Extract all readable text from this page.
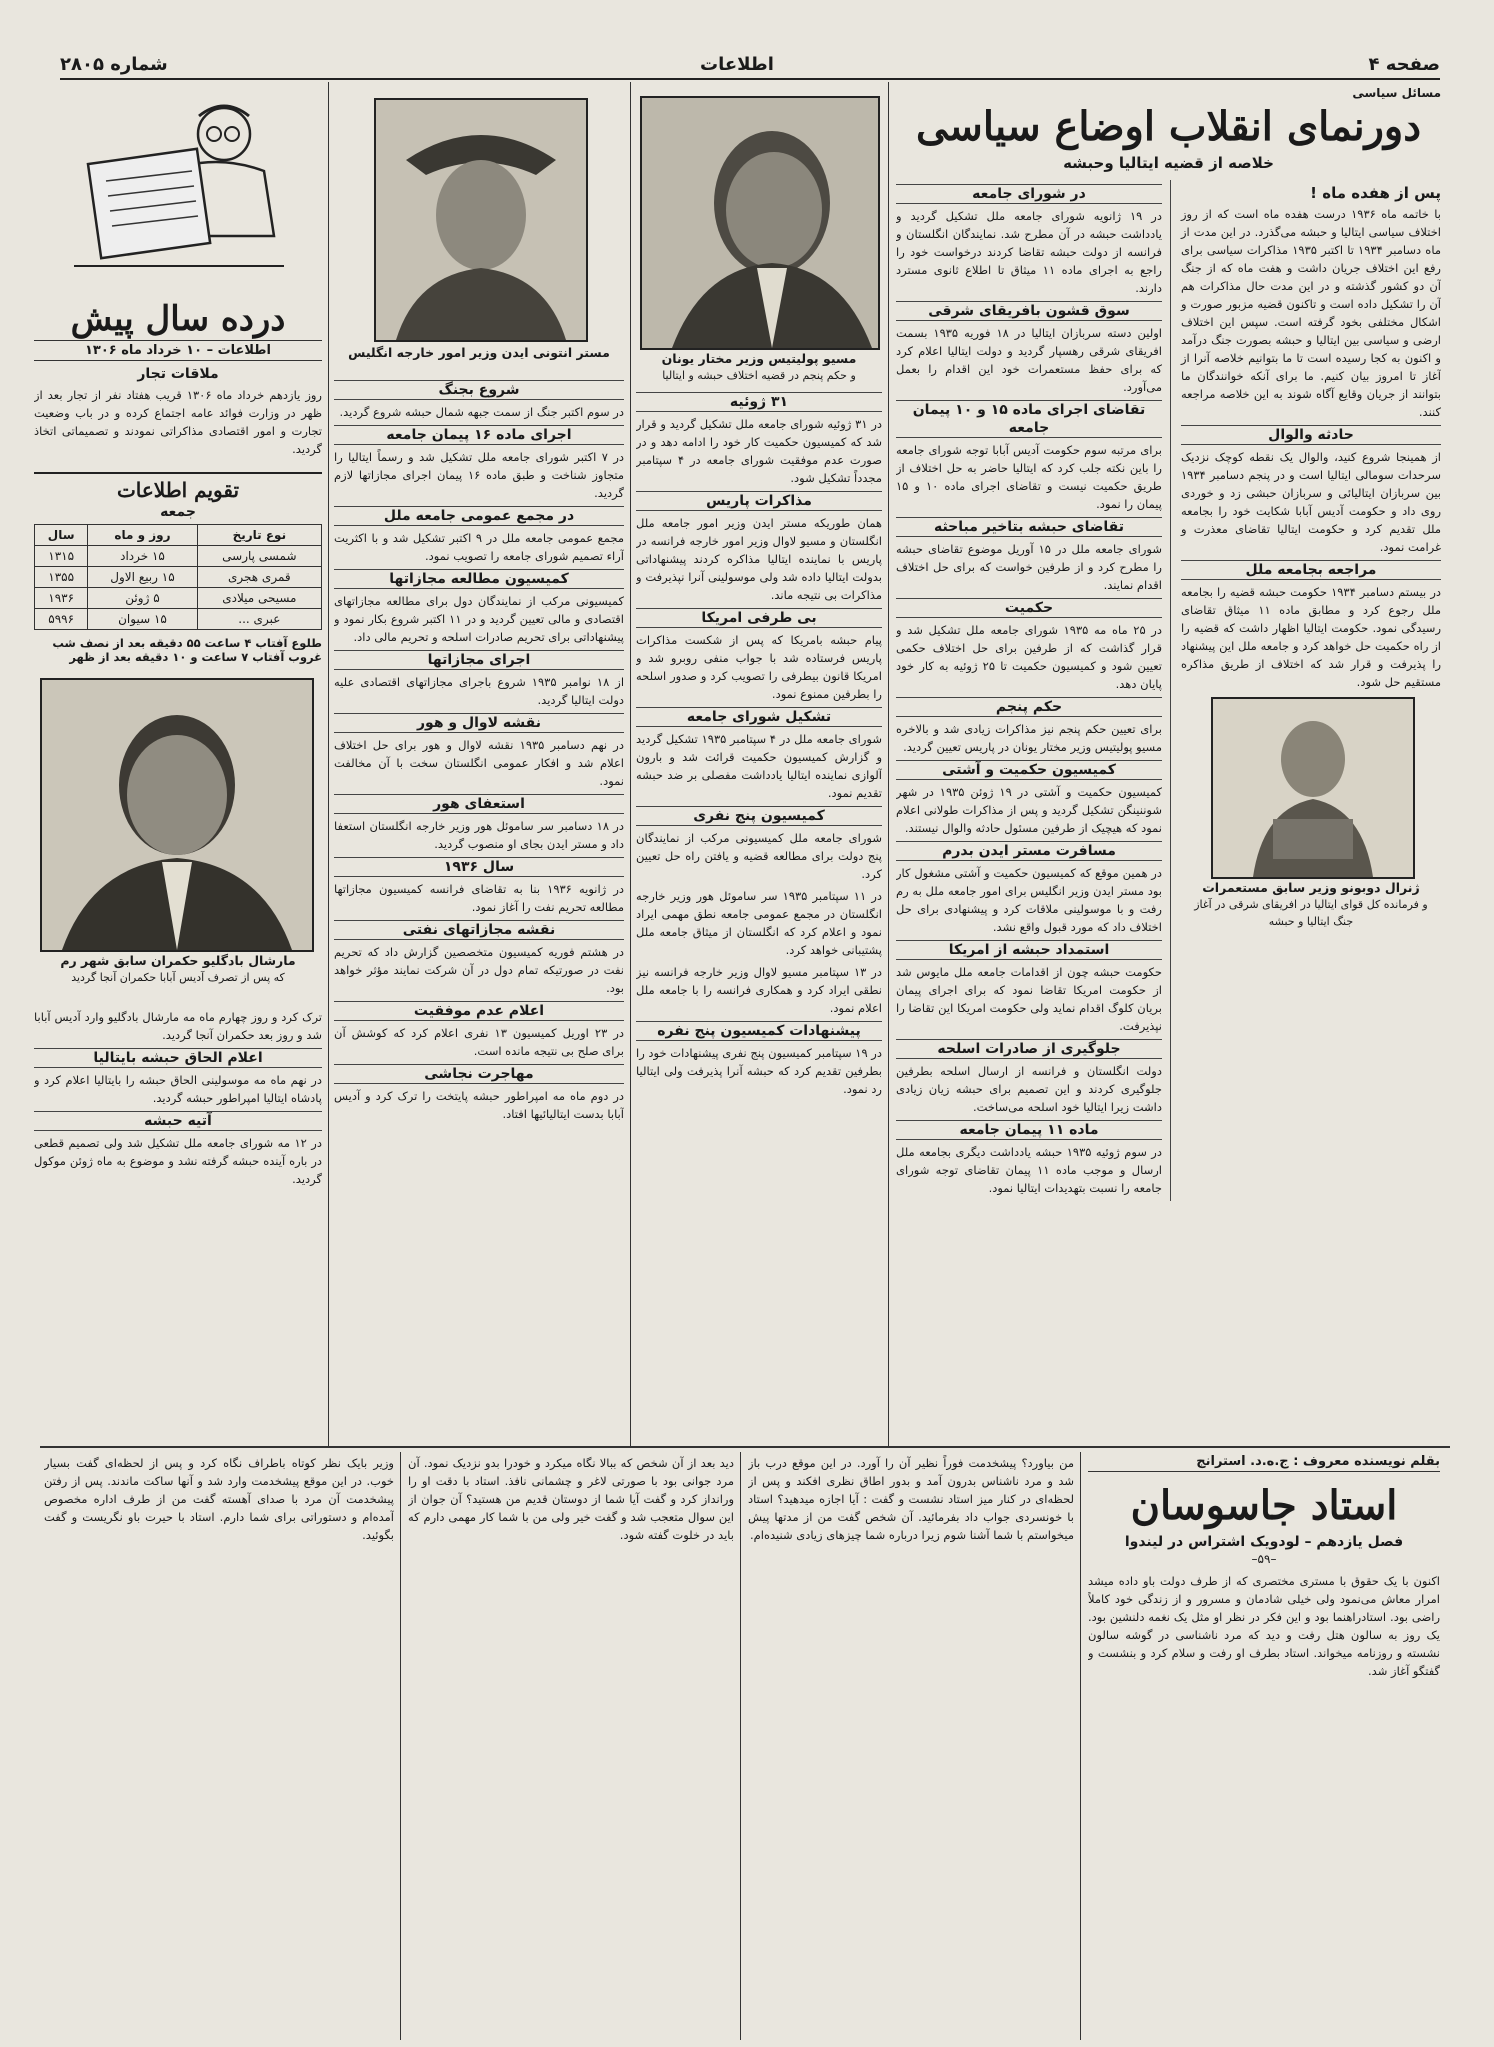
صفحه ۴
اطلاعات
شماره ۲۸۰۵
مسائل سیاسی
دورنمای انقلاب اوضاع سیاسی
خلاصه از قضیه ایتالیا وحبشه
پس از هفده ماه !

با خاتمه ماه ۱۹۳۶ درست هفده ماه است که از روز اختلاف سیاسی ایتالیا و حبشه می‌گذرد. در این مدت از ماه دسامبر ۱۹۳۴ تا اکتبر ۱۹۳۵ مذاکرات سیاسی برای رفع این اختلاف جریان داشت و هفت ماه که از جنگ آن دو کشور گذشته و در این مدت حال مذاکرات هم آن را تشکیل داده است و تاکنون قضیه مزبور صورت و اشکال مختلفی بخود گرفته است. سپس این اختلاف ارضی و سیاسی بین ایتالیا و حبشه بصورت جنگ درآمد و اکنون به کجا رسیده است تا ما بتوانیم خلاصه آنرا از آغاز تا امروز بیان کنیم. ما برای آنکه خوانندگان ما بتوانند از جریان وقایع آگاه شوند به این خلاصه مراجعه کنند.

حادثه والوال

از همینجا شروع کنید، والوال یک نقطه کوچک نزدیک سرحدات سومالی ایتالیا است و در پنجم دسامبر ۱۹۳۴ بین سربازان ایتالیائی و سربازان حبشی زد و خوردی روی داد و حکومت آدیس آبابا شکایت خود را بجامعه ملل تقدیم کرد و حکومت ایتالیا تقاضای معذرت و غرامت نمود.

مراجعه بجامعه ملل

در بیستم دسامبر ۱۹۳۴ حکومت حبشه قضیه را بجامعه ملل رجوع کرد و مطابق ماده ۱۱ میثاق تقاضای رسیدگی نمود. حکومت ایتالیا اظهار داشت که قضیه را از راه حکمیت حل خواهد کرد و جامعه ملل این پیشنهاد را پذیرفت و قرار شد که اختلاف از طریق مذاکره مستقیم حل شود.

ژنرال دوبونو وزیر سابق مستعمرات
و فرمانده کل قوای ایتالیا در افریقای شرقی در آغاز جنگ ایتالیا و حبشه
در شورای جامعه

در ۱۹ ژانویه شورای جامعه ملل تشکیل گردید و یادداشت حبشه در آن مطرح شد. نمایندگان انگلستان و فرانسه از دولت حبشه تقاضا کردند درخواست خود را راجع به اجرای ماده ۱۱ میثاق تا اطلاع ثانوی مسترد دارند.

سوق قشون بافریقای شرقی

اولین دسته سربازان ایتالیا در ۱۸ فوریه ۱۹۳۵ بسمت افریقای شرقی رهسپار گردید و دولت ایتالیا اعلام کرد که برای حفظ مستعمرات خود این اقدام را بعمل می‌آورد.

تقاضای اجرای ماده ۱۵ و ۱۰ پیمان جامعه

برای مرتبه سوم حکومت آدیس آبابا توجه شورای جامعه را باین نکته جلب کرد که ایتالیا حاضر به حل اختلاف از طریق حکمیت نیست و تقاضای اجرای ماده ۱۰ و ۱۵ پیمان را نمود.

تقاضای حبشه بتاخیر مباحثه

شورای جامعه ملل در ۱۵ آوریل موضوع تقاضای حبشه را مطرح کرد و از طرفین خواست که برای حل اختلاف اقدام نمایند.

حکمیت

در ۲۵ ماه مه ۱۹۳۵ شورای جامعه ملل تشکیل شد و قرار گذاشت که از طرفین برای حل اختلاف حکمی تعیین شود و کمیسیون حکمیت تا ۲۵ ژوئیه به کار خود پایان دهد.

حکم پنجم

برای تعیین حکم پنجم نیز مذاکرات زیادی شد و بالاخره مسیو پولیتیس وزیر مختار یونان در پاریس تعیین گردید.

کمیسیون حکمیت و آشتی

کمیسیون حکمیت و آشتی در ۱۹ ژوئن ۱۹۳۵ در شهر شوننینگن تشکیل گردید و پس از مذاکرات طولانی اعلام نمود که هیچیک از طرفین مسئول حادثه والوال نیستند.

مسافرت مستر ایدن بدرم

در همین موقع که کمیسیون حکمیت و آشتی مشغول کار بود مستر ایدن وزیر انگلیس برای امور جامعه ملل به رم رفت و با موسولینی ملاقات کرد و پیشنهادی برای حل اختلاف داد که مورد قبول واقع نشد.

استمداد حبشه از امریکا

حکومت حبشه چون از اقدامات جامعه ملل مایوس شد از حکومت امریکا تقاضا نمود که برای اجرای پیمان بریان کلوگ اقدام نماید ولی حکومت امریکا این تقاضا را نپذیرفت.

جلوگیری از صادرات اسلحه

دولت انگلستان و فرانسه از ارسال اسلحه بطرفین جلوگیری کردند و این تصمیم برای حبشه زیان زیادی داشت زیرا ایتالیا خود اسلحه می‌ساخت.

ماده ۱۱ پیمان جامعه

در سوم ژوئیه ۱۹۳۵ حبشه یادداشت دیگری بجامعه ملل ارسال و موجب ماده ۱۱ پیمان تقاضای توجه شورای جامعه را نسبت بتهدیدات ایتالیا نمود.

مسیو پولیتیس وزیر مختار یونان
و حکم پنجم در قضیه اختلاف حبشه و ایتالیا
۳۱ ژوئیه

در ۳۱ ژوئیه شورای جامعه ملل تشکیل گردید و قرار شد که کمیسیون حکمیت کار خود را ادامه دهد و در صورت عدم موفقیت شورای جامعه در ۴ سپتامبر مجدداً تشکیل شود.

مذاکرات پاریس

همان طوریکه مستر ایدن وزیر امور جامعه ملل انگلستان و مسیو لاوال وزیر امور خارجه فرانسه در پاریس با نماینده ایتالیا مذاکره کردند پیشنهاداتی بدولت ایتالیا داده شد ولی موسولینی آنرا نپذیرفت و مذاکرات بی نتیجه ماند.

بی طرفی امریکا

پیام حبشه بامریکا که پس از شکست مذاکرات پاریس فرستاده شد با جواب منفی روبرو شد و امریکا قانون بیطرفی را تصویب کرد و صدور اسلحه را بطرفین ممنوع نمود.

تشکیل شورای جامعه

شورای جامعه ملل در ۴ سپتامبر ۱۹۳۵ تشکیل گردید و گزارش کمیسیون حکمیت قرائت شد و بارون آلوازی نماینده ایتالیا یادداشت مفصلی بر ضد حبشه تقدیم نمود.

کمیسیون پنج نفری

شورای جامعه ملل کمیسیونی مرکب از نمایندگان پنج دولت برای مطالعه قضیه و یافتن راه حل تعیین کرد.

در ۱۱ سپتامبر ۱۹۳۵ سر ساموئل هور وزیر خارجه انگلستان در مجمع عمومی جامعه نطق مهمی ایراد نمود و اعلام کرد که انگلستان از میثاق جامعه ملل پشتیبانی خواهد کرد.

در ۱۳ سپتامبر مسیو لاوال وزیر خارجه فرانسه نیز نطقی ایراد کرد و همکاری فرانسه را با جامعه ملل اعلام نمود.

پیشنهادات کمیسیون پنج نفره

در ۱۹ سپتامبر کمیسیون پنج نفری پیشنهادات خود را بطرفین تقدیم کرد که حبشه آنرا پذیرفت ولی ایتالیا رد نمود.

مستر انتونی ایدن وزیر امور خارجه انگلیس
شروع بجنگ

در سوم اکتبر جنگ از سمت جبهه شمال حبشه شروع گردید.

اجرای ماده ۱۶ پیمان جامعه

در ۷ اکتبر شورای جامعه ملل تشکیل شد و رسماً ایتالیا را متجاوز شناخت و طبق ماده ۱۶ پیمان اجرای مجازاتها لازم گردید.

در مجمع عمومی جامعه ملل

مجمع عمومی جامعه ملل در ۹ اکتبر تشکیل شد و با اکثریت آراء تصمیم شورای جامعه را تصویب نمود.

کمیسیون مطالعه مجازاتها

کمیسیونی مرکب از نمایندگان دول برای مطالعه مجازاتهای اقتصادی و مالی تعیین گردید و در ۱۱ اکتبر شروع بکار نمود و پیشنهاداتی برای تحریم صادرات اسلحه و تحریم مالی داد.

اجرای مجازاتها

از ۱۸ نوامبر ۱۹۳۵ شروع باجرای مجازاتهای اقتصادی علیه دولت ایتالیا گردید.

نقشه لاوال و هور

در نهم دسامبر ۱۹۳۵ نقشه لاوال و هور برای حل اختلاف اعلام شد و افکار عمومی انگلستان سخت با آن مخالفت نمود.

استعفای هور

در ۱۸ دسامبر سر ساموئل هور وزیر خارجه انگلستان استعفا داد و مستر ایدن بجای او منصوب گردید.

سال ۱۹۳۶

در ژانویه ۱۹۳۶ بنا به تقاضای فرانسه کمیسیون مجازاتها مطالعه تحریم نفت را آغاز نمود.

نقشه مجازاتهای نفتی

در هشتم فوریه کمیسیون متخصصین گزارش داد که تحریم نفت در صورتیکه تمام دول در آن شرکت نمایند مؤثر خواهد بود.

اعلام عدم موفقیت

در ۲۳ اوریل کمیسیون ۱۳ نفری اعلام کرد که کوشش آن برای صلح بی نتیجه مانده است.

مهاجرت نجاشی

در دوم ماه مه امپراطور حبشه پایتخت را ترک کرد و آدیس آبابا بدست ایتالیائیها افتاد.

درده سال پیش
اطلاعات – ۱۰ خرداد ماه ۱۳۰۶
ملاقات تجار

روز یازدهم خرداد ماه ۱۳۰۶ قریب هفتاد نفر از تجار بعد از ظهر در وزارت فوائد عامه اجتماع کرده و در باب وضعیت تجارت و امور اقتصادی مذاکراتی نمودند و تصمیماتی اتخاذ گردید.

تقویم اطلاعات
جمعه
نوع تاریخ	روز و ماه	سال
شمسی پارسی	۱۵ خرداد	۱۳۱۵
قمری هجری	۱۵ ربیع الاول	۱۳۵۵
مسیحی میلادی	۵ ژوئن	۱۹۳۶
عبری ...	۱۵ سیوان	۵۹۹۶
طلوع آفتاب ۴ ساعت ۵۵ دقیقه بعد از نصف شب
غروب آفتاب ۷ ساعت و ۱۰ دقیقه بعد از ظهر
مارشال بادگلیو حکمران سابق شهر رم
که پس از تصرف آدیس آبابا حکمران آنجا گردید

ترک کرد و روز چهارم ماه مه مارشال بادگلیو وارد آدیس آبابا شد و روز بعد حکمران آنجا گردید.

اعلام الحاق حبشه بایتالیا

در نهم ماه مه موسولینی الحاق حبشه را بایتالیا اعلام کرد و پادشاه ایتالیا امپراطور حبشه گردید.

آتیه حبشه

در ۱۲ مه شورای جامعه ملل تشکیل شد ولی تصمیم قطعی در باره آینده حبشه گرفته نشد و موضوع به ماه ژوئن موکول گردید.

بقلم نویسنده معروف : ج.ه.د. استرانج
استاد جاسوسان
فصل یازدهم – لودویک اشتراس در لیندوا
–۵۹–
اکنون با یک حقوق با مستری مختصری که از طرف دولت باو داده میشد امرار معاش می‌نمود ولی خیلی شادمان و مسرور و از زندگی خود کاملاً راضی بود. استادراهنما بود و این فکر در نظر او مثل یک نغمه دلنشین بود. یک روز به سالون هتل رفت و دید که مرد ناشناسی در گوشه سالون نشسته و روزنامه میخواند. استاد بطرف او رفت و سلام کرد و بنشست و گفتگو آغاز شد.
من بیاورد؟ پیشخدمت فوراً نظیر آن را آورد. در این موقع درب باز شد و مرد ناشناس بدرون آمد و بدور اطاق نظری افکند و پس از لحظه‌ای در کنار میز استاد نشست و گفت : آیا اجازه میدهید؟ استاد با خونسردی جواب داد بفرمائید. آن شخص گفت من از مدتها پیش میخواستم با شما آشنا شوم زیرا درباره شما چیزهای زیادی شنیده‌ام.
دید بعد از آن شخص که ببالا نگاه میکرد و خودرا بدو نزدیک نمود. آن مرد جوانی بود با صورتی لاغر و چشمانی نافذ. استاد با دقت او را ورانداز کرد و گفت آیا شما از دوستان قدیم من هستید؟ آن جوان از این سوال متعجب شد و گفت خیر ولی من با شما کار مهمی دارم که باید در خلوت گفته شود.
وزیر بایک نظر کوتاه باطراف نگاه کرد و پس از لحظه‌ای گفت بسیار خوب. در این موقع پیشخدمت وارد شد و آنها ساکت ماندند. پس از رفتن پیشخدمت آن مرد با صدای آهسته گفت من از طرف اداره مخصوص آمده‌ام و دستوراتی برای شما دارم. استاد با حیرت باو نگریست و گفت بگوئید.
